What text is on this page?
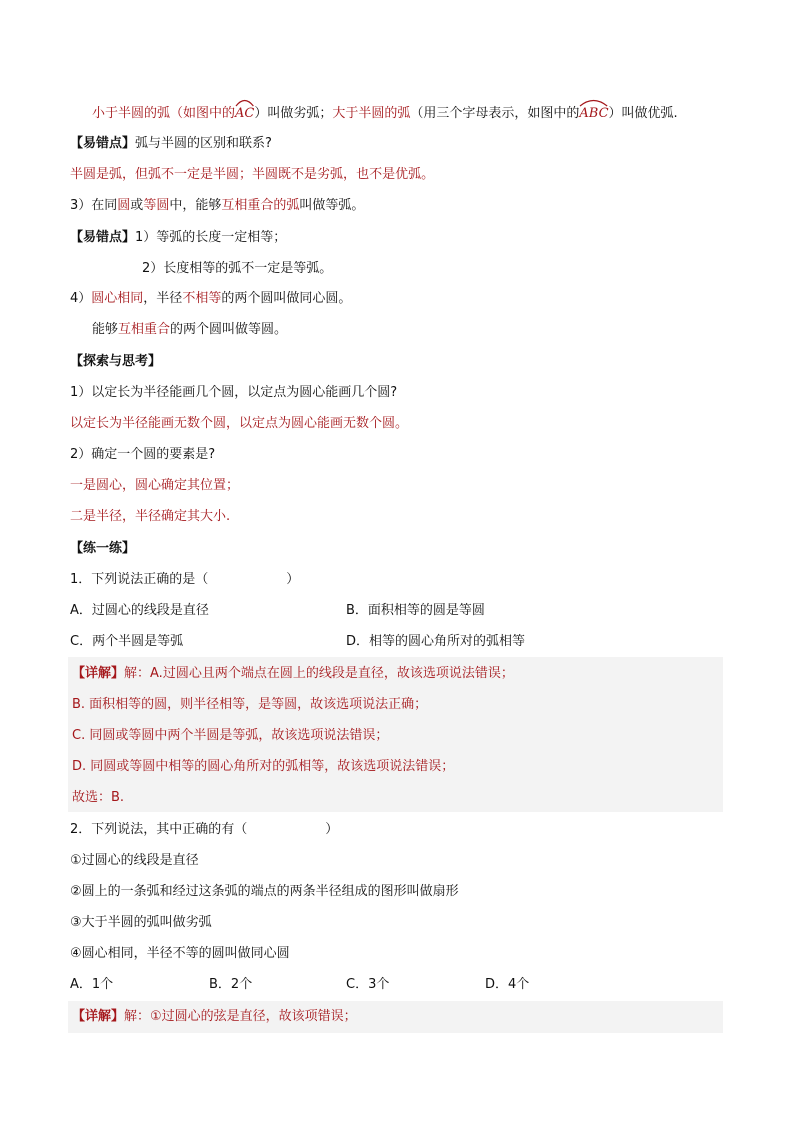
小于半圆的弧（如图中的
AC）叫做劣弧；大于半圆的弧（用三个字母表示，如图中的
ABC）叫做优弧.
【易错点】弧与半圆的区别和联系?
半圆是弧，但弧不一定是半圆；半圆既不是劣弧，也不是优弧。
3）在同圆或等圆中，能够互相重合的弧叫做等弧。
【易错点】1）等弧的长度一定相等；
2）长度相等的弧不一定是等弧。
4）圆心相同，半径不相等的两个圆叫做同心圆。
能够互相重合的两个圆叫做等圆。
【探索与思考】
1）以定长为半径能画几个圆，以定点为圆心能画几个圆?
以定长为半径能画无数个圆，以定点为圆心能画无数个圆。
2）确定一个圆的要素是?
一是圆心，圆心确定其位置；
二是半径，半径确定其大小.
【练一练】
1．下列说法正确的是（　　　　　　）
A．过圆心的线段是直径	B．面积相等的圆是等圆
C．两个半圆是等弧	D．相等的圆心角所对的弧相等
【详解】解：A.过圆心且两个端点在圆上的线段是直径，故该选项说法错误；
B. 面积相等的圆，则半径相等，是等圆，故该选项说法正确；
C. 同圆或等圆中两个半圆是等弧，故该选项说法错误；
D. 同圆或等圆中相等的圆心角所对的弧相等，故该选项说法错误；
故选：B.
2．下列说法，其中正确的有（　　　　　　）
①过圆心的线段是直径
②圆上的一条弧和经过这条弧的端点的两条半径组成的图形叫做扇形
③大于半圆的弧叫做劣弧
④圆心相同，半径不等的圆叫做同心圆
A．1个	B．2个	C．3个	D．4个
【详解】解：①过圆心的弦是直径，故该项错误；
